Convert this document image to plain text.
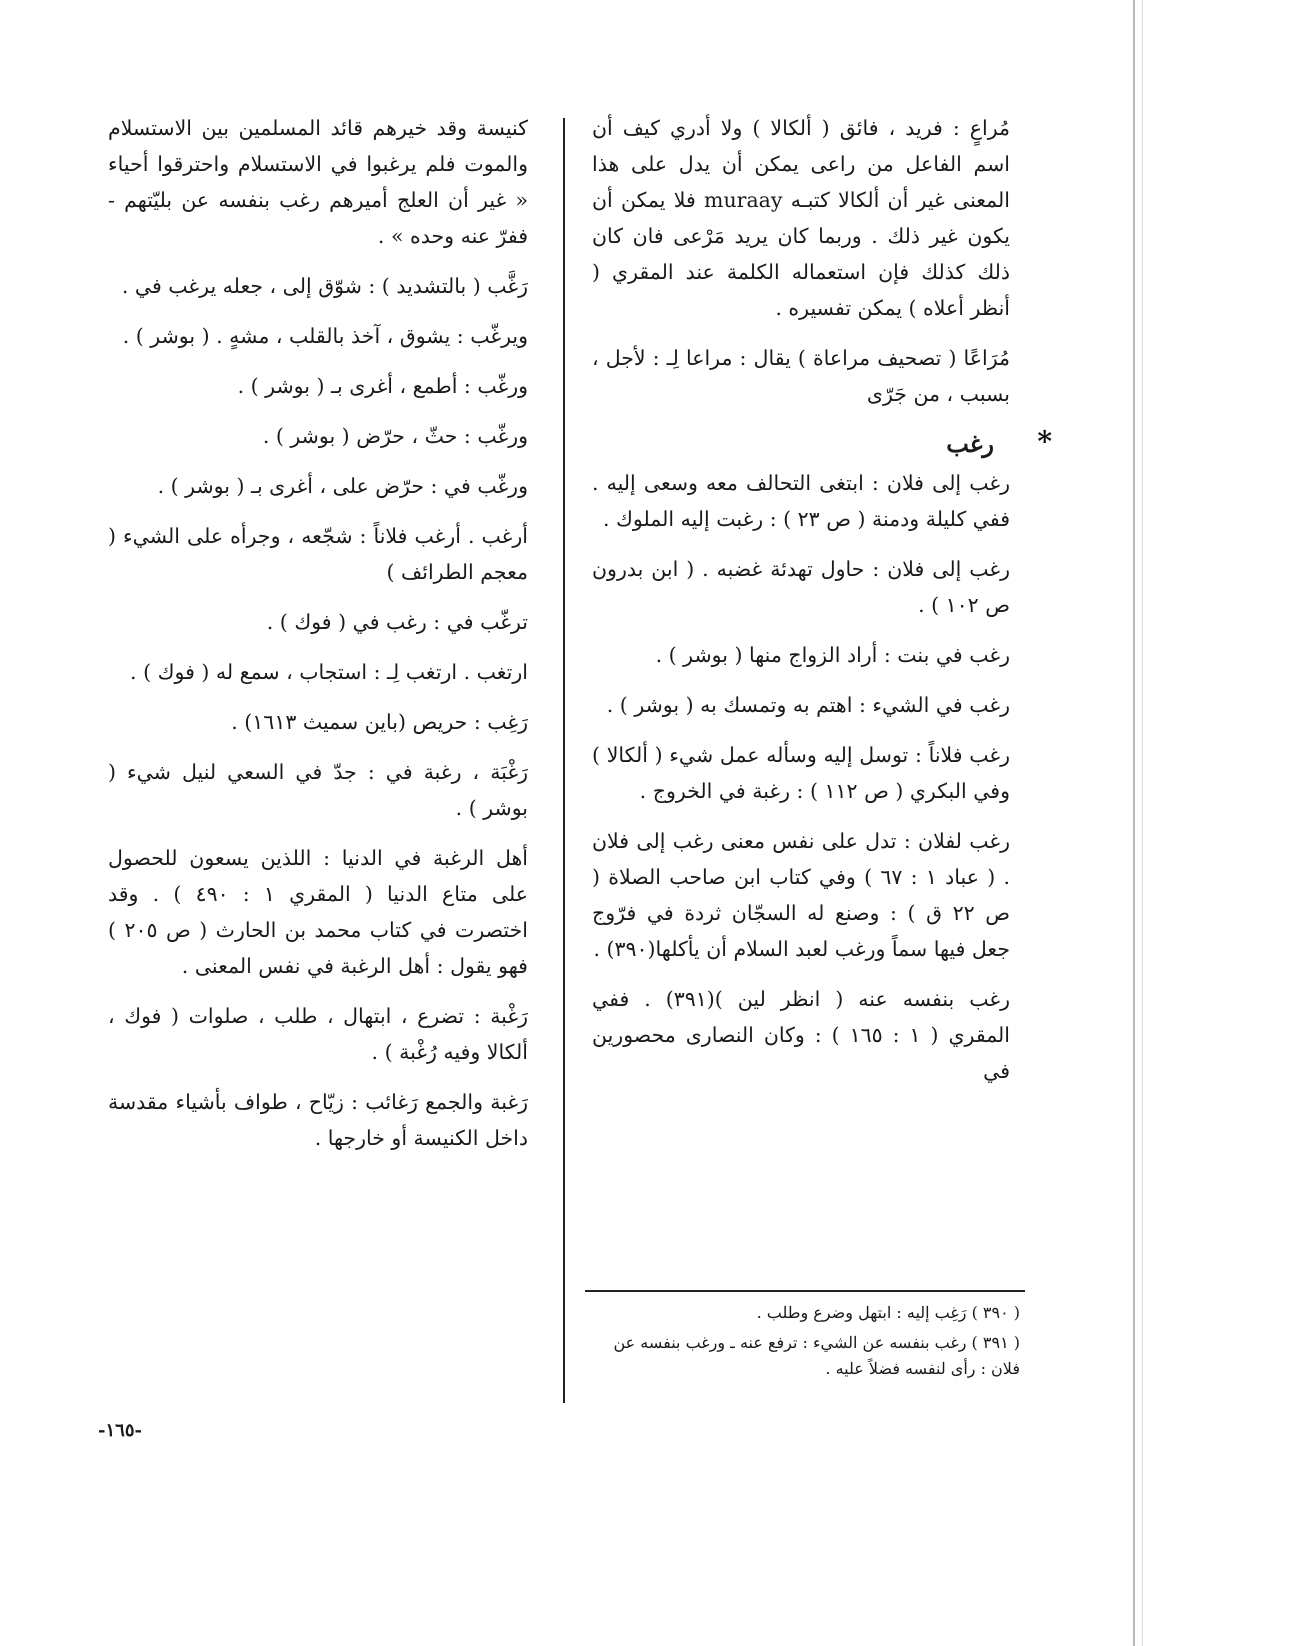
مُراعٍ : فريد ، فائق ( ألكالا ) ولا أدري كيف أن اسم الفاعل من راعى يمكن أن يدل على هذا المعنى غير أن ألكالا كتبـه muraay فلا يمكن أن يكون غير ذلك . وربما كان يريد مَرْعى فان كان ذلك كذلك فإن استعماله الكلمة عند المقري ( أنظر أعلاه ) يمكن تفسيره .

مُرَاعًا ( تصحيف مراعاة ) يقال : مراعا لِـ : لأجل ، بسبب ، من جَرّى

*
رغب

رغب إلى فلان : ابتغى التحالف معه وسعى إليه . ففي كليلة ودمنة ( ص ٢٣ ) : رغبت إليه الملوك .

رغب إلى فلان : حاول تهدئة غضبه . ( ابن بدرون ص ١٠٢ ) .

رغب في بنت : أراد الزواج منها ( بوشر ) .

رغب في الشيء : اهتم به وتمسك به ( بوشر ) .

رغب فلاناً : توسل إليه وسأله عمل شيء ( ألكالا ) وفي البكري ( ص ١١٢ ) : رغبة في الخروج .

رغب لفلان : تدل على نفس معنى رغب إلى فلان . ( عباد ١ : ٦٧ ) وفي كتاب ابن صاحب الصلاة ( ص ٢٢ ق ) : وصنع له السجّان ثردة في فرّوج جعل فيها سماً ورغب لعبد السلام أن يأكلها(٣٩٠) .

رغب بنفسه عنه ( انظر لين )(٣٩١) . ففي المقري ( ١ : ١٦٥ ) : وكان النصارى محصورين في

كنيسة وقد خيرهم قائد المسلمين بين الاستسلام والموت فلم يرغبوا في الاستسلام واحترقوا أحياء « غير أن العلج أميرهم رغب بنفسه عن بليّتهم - ففرّ عنه وحده » .

رَغَّب ( بالتشديد ) : شوّق إلى ، جعله يرغب في .

ويرغّب : يشوق ، آخذ بالقلب ، مشهٍ . ( بوشر ) .

ورغّب : أطمع ، أغرى بـ ( بوشر ) .

ورغّب : حثّ ، حرّض ( بوشر ) .

ورغّب في : حرّض على ، أغرى بـ ( بوشر ) .

أرغب . أرغب فلاناً : شجّعه ، وجرأه على الشيء ( معجم الطرائف )

ترغّب في : رغب في ( فوك ) .

ارتغب . ارتغب لِـ : استجاب ، سمع له ( فوك ) .

رَغِب : حريص (باين سميث ١٦١٣) .

رَغْبَة ، رغبة في : جدّ في السعي لنيل شيء ( بوشر ) .

أهل الرغبة في الدنيا : اللذين يسعون للحصول على متاع الدنيا ( المقري ١ : ٤٩٠ ) . وقد اختصرت في كتاب محمد بن الحارث ( ص ٢٠٥ ) فهو يقول : أهل الرغبة في نفس المعنى .

رَغْبة : تضرع ، ابتهال ، طلب ، صلوات ( فوك ، ألكالا وفيه رُغْبة ) .

رَغبة والجمع رَغائب : زيّاح ، طواف بأشياء مقدسة داخل الكنيسة أو خارجها .

( ٣٩٠ ) رَغِب إليه : ابتهل وضرع وطلب .

( ٣٩١ ) رغب بنفسه عن الشيء : ترفع عنه ـ ورغب بنفسه عن فلان : رأى لنفسه فضلاً عليه .

-١٦٥-
